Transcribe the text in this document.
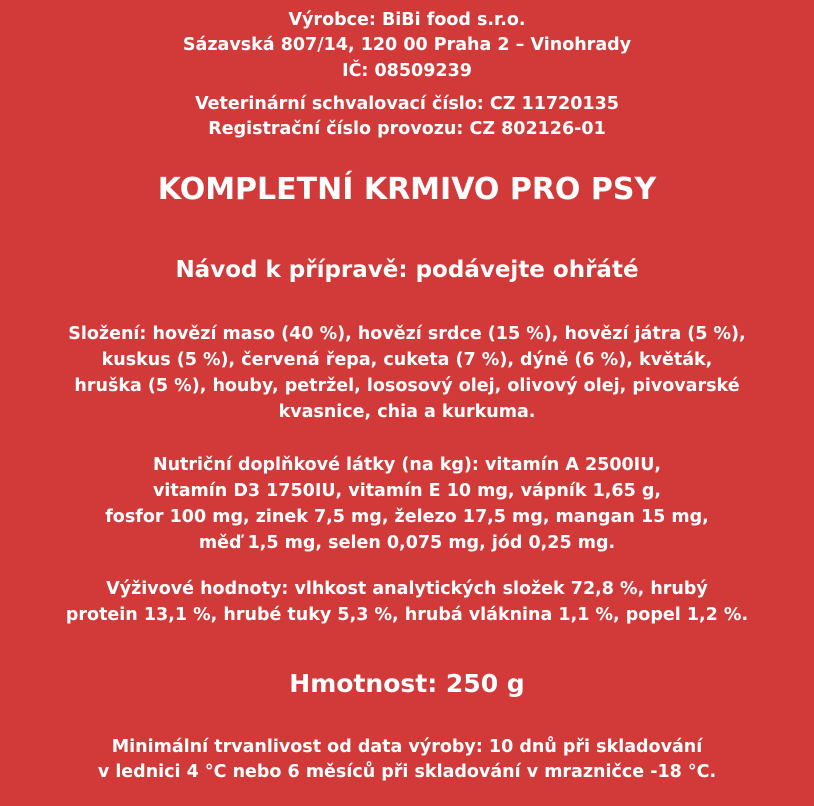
Výrobce: BiBi food s.r.o.
Sázavská 807/14, 120 00 Praha 2 – Vinohrady
IČ: 08509239
Veterinární schvalovací číslo: CZ 11720135
Registrační číslo provozu: CZ 802126-01
KOMPLETNÍ KRMIVO PRO PSY
Návod k přípravě: podávejte ohřáté
Složení: hovězí maso (40 %), hovězí srdce (15 %), hovězí játra (5 %),
kuskus (5 %), červená řepa, cuketa (7 %), dýně (6 %), květák,
hruška (5 %), houby, petržel, lososový olej, olivový olej, pivovarské
kvasnice, chia a kurkuma.
Nutriční doplňkové látky (na kg): vitamín A 2500IU,
vitamín D3 1750IU, vitamín E 10 mg, vápník 1,65 g,
fosfor 100 mg, zinek 7,5 mg, železo 17,5 mg, mangan 15 mg,
měď 1,5 mg, selen 0,075 mg, jód 0,25 mg.
Výživové hodnoty: vlhkost analytických složek 72,8 %, hrubý
protein 13,1 %, hrubé tuky 5,3 %, hrubá vláknina 1,1 %, popel 1,2 %.
Hmotnost: 250 g
Minimální trvanlivost od data výroby: 10 dnů při skladování
v lednici 4 °C nebo 6 měsíců při skladování v mrazničce -18 °C.
